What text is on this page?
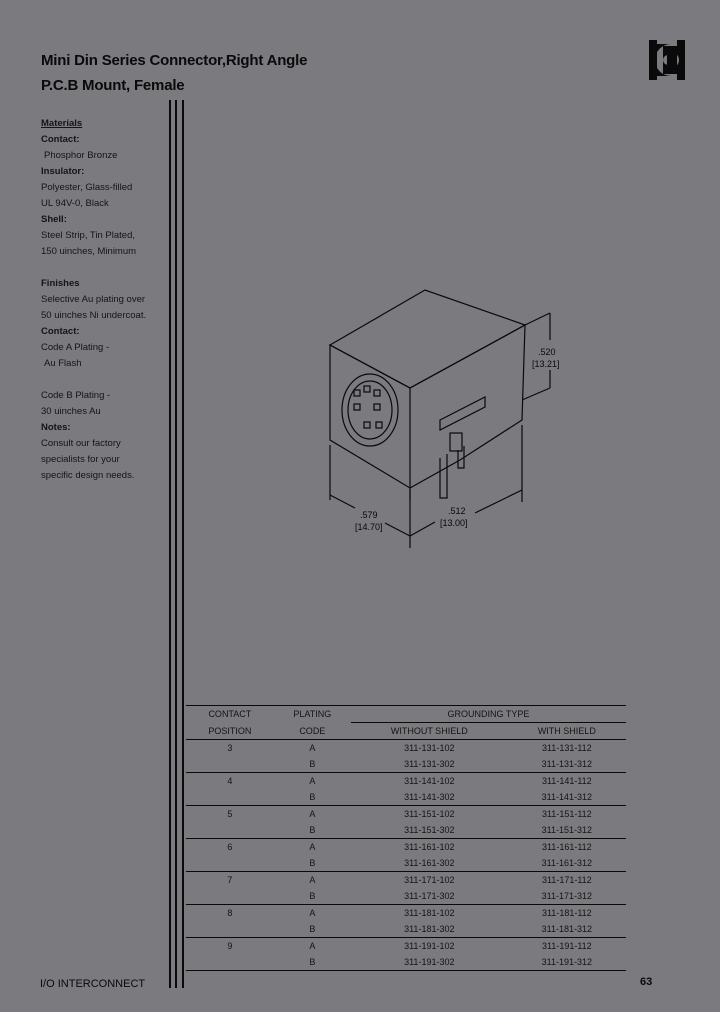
Mini Din Series Connector,Right Angle
P.C.B Mount, Female
Materials
Contact:
Phosphor Bronze
Insulator:
Polyester, Glass-filled
UL 94V-0, Black
Shell:
Steel Strip, Tin Plated,
150 uinches, Minimum
Finishes
Selective Au plating over
50 uinches Ni undercoat.
Contact:
Code A Plating -
Au Flash
Code B Plating -
30 uinches Au
Notes:
Consult our factory
specialists for your
specific design needs.
.520
[13.21]
.579
[14.70]
.512
[13.00]
CONTACT	PLATING	GROUNDING TYPE	
POSITION	CODE	WITHOUT SHIELD	WITH SHIELD
3	A	311-131-102	311-131-112
	B	311-131-302	311-131-312
4	A	311-141-102	311-141-112
	B	311-141-302	311-141-312
5	A	311-151-102	311-151-112
	B	311-151-302	311-151-312
6	A	311-161-102	311-161-112
	B	311-161-302	311-161-312
7	A	311-171-102	311-171-112
	B	311-171-302	311-171-312
8	A	311-181-102	311-181-112
	B	311-181-302	311-181-312
9	A	311-191-102	311-191-112
	B	311-191-302	311-191-312
I/O INTERCONNECT	63
